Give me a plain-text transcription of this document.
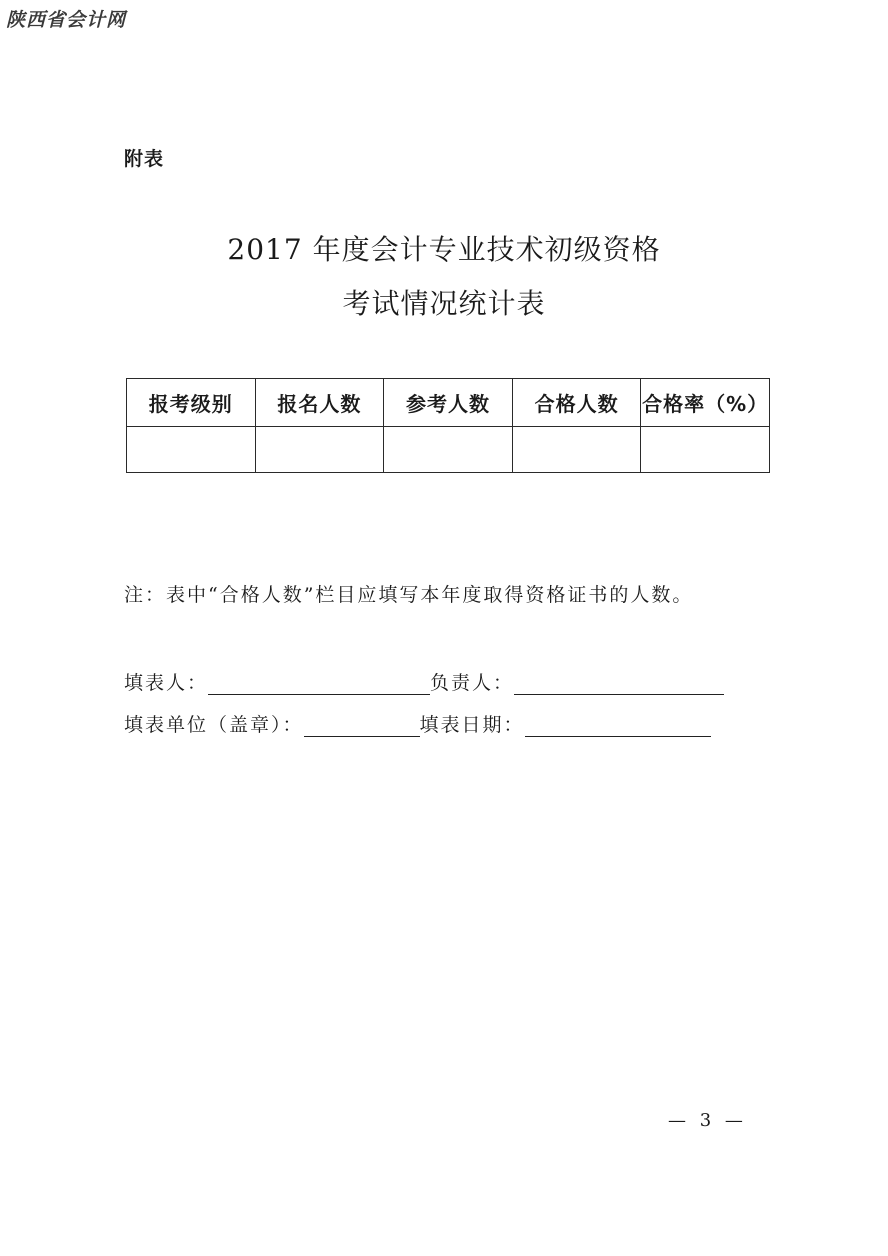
陕西省会计网
附表
2017 年度会计专业技术初级资格
考试情况统计表
报考级别	报名人数	参考人数	合格人数	合格率（%）

注：表中“合格人数”栏目应填写本年度取得资格证书的人数。
填表人：	负责人：
填表单位（盖章）：	填表日期：
— 3 —
